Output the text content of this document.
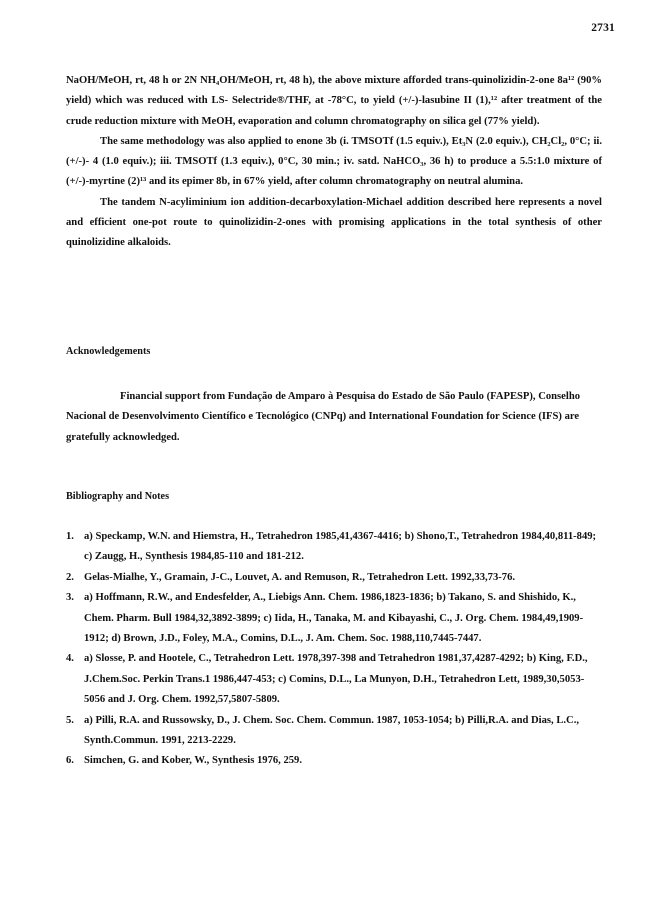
2731

NaOH/MeOH, rt, 48 h or 2N NH₄OH/MeOH, rt, 48 h), the above mixture afforded trans-quinolizidin-2-one 8a¹² (90% yield) which was reduced with LS- Selectride®/THF, at -78°C, to yield (+/-)-lasubine II (1),¹² after treatment of the crude reduction mixture with MeOH, evaporation and column chromatography on silica gel (77% yield).

The same methodology was also applied to enone 3b (i. TMSOTf (1.5 equiv.), Et₃N (2.0 equiv.), CH₂Cl₂, 0°C; ii. (+/-)- 4 (1.0 equiv.); iii. TMSOTf (1.3 equiv.), 0°C, 30 min.; iv. satd. NaHCO₃, 36 h) to produce a 5.5:1.0 mixture of (+/-)-myrtine (2)¹³ and its epimer 8b, in 67% yield, after column chromatography on neutral alumina.

The tandem N-acyliminium ion addition-decarboxylation-Michael addition described here represents a novel and efficient one-pot route to quinolizidin-2-ones with promising applications in the total synthesis of other quinolizidine alkaloids.

Acknowledgements
Financial support from Fundação de Amparo à Pesquisa do Estado de São Paulo (FAPESP), Conselho Nacional de Desenvolvimento Científico e Tecnológico (CNPq) and International Foundation for Science (IFS) are gratefully acknowledged.
Bibliography and Notes
1. a) Speckamp, W.N. and Hiemstra, H., Tetrahedron 1985,41,4367-4416; b) Shono,T., Tetrahedron 1984,40,811-849; c) Zaugg, H., Synthesis 1984,85-110 and 181-212.
2. Gelas-Mialhe, Y., Gramain, J-C., Louvet, A. and Remuson, R., Tetrahedron Lett. 1992,33,73-76.
3. a) Hoffmann, R.W., and Endesfelder, A., Liebigs Ann. Chem. 1986,1823-1836; b) Takano, S. and Shishido, K., Chem. Pharm. Bull 1984,32,3892-3899; c) Iida, H., Tanaka, M. and Kibayashi, C., J. Org. Chem. 1984,49,1909-1912; d) Brown, J.D., Foley, M.A., Comins, D.L., J. Am. Chem. Soc. 1988,110,7445-7447.
4. a) Slosse, P. and Hootele, C., Tetrahedron Lett. 1978,397-398 and Tetrahedron 1981,37,4287-4292; b) King, F.D., J.Chem.Soc. Perkin Trans.1 1986,447-453; c) Comins, D.L., La Munyon, D.H., Tetrahedron Lett, 1989,30,5053-5056 and J. Org. Chem. 1992,57,5807-5809.
5. a) Pilli, R.A. and Russowsky, D., J. Chem. Soc. Chem. Commun. 1987, 1053-1054; b) Pilli,R.A. and Dias, L.C., Synth.Commun. 1991, 2213-2229.
6. Simchen, G. and Kober, W., Synthesis 1976, 259.
